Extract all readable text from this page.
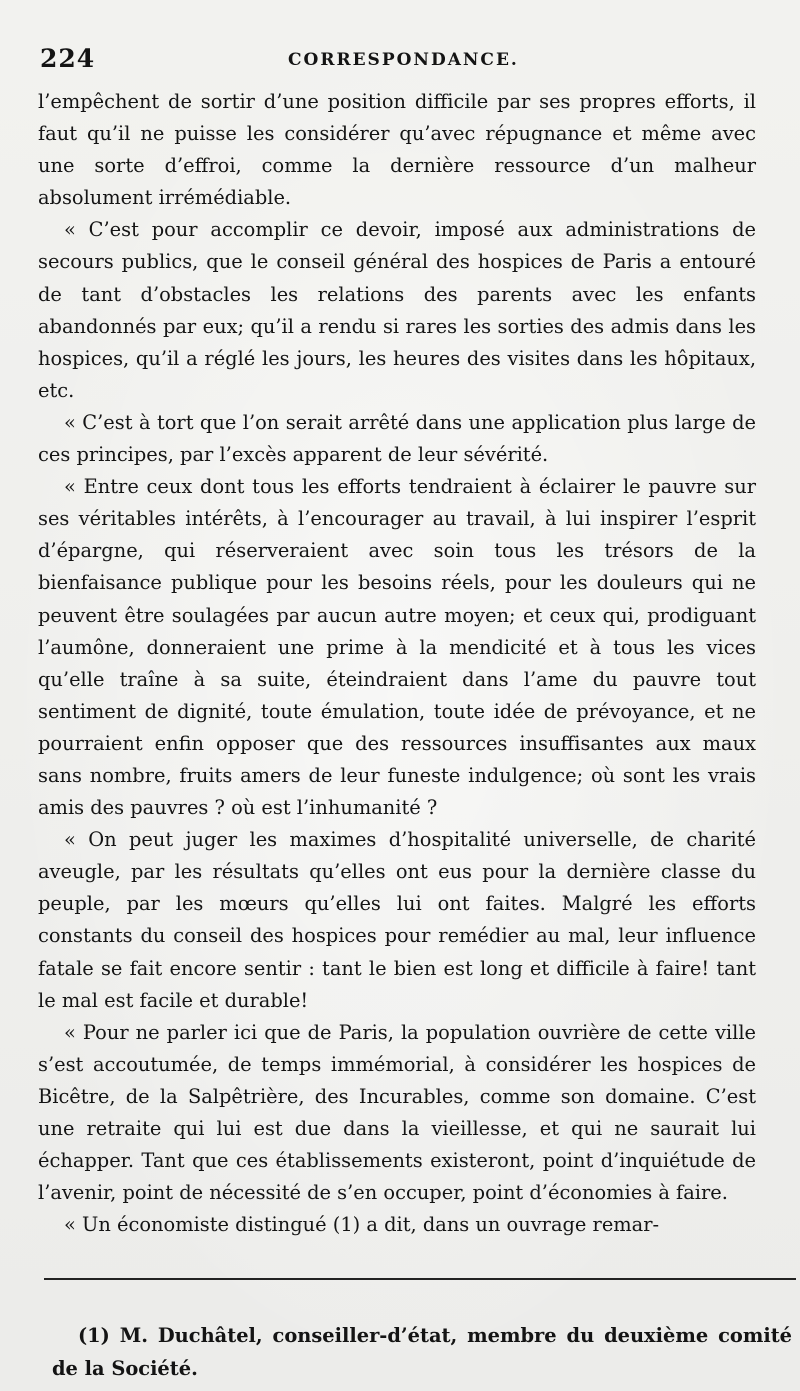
224	CORRESPONDANCE.

l’empêchent de sortir d’une position difficile par ses propres efforts, il faut qu’il ne puisse les considérer qu’avec répugnance et même avec une sorte d’effroi, comme la dernière ressource d’un malheur absolument irrémédiable.

« C’est pour accomplir ce devoir, imposé aux administrations de secours publics, que le conseil général des hospices de Paris a entouré de tant d’obstacles les relations des parents avec les enfants abandonnés par eux; qu’il a rendu si rares les sorties des admis dans les hospices, qu’il a réglé les jours, les heures des visites dans les hôpitaux, etc.

« C’est à tort que l’on serait arrêté dans une application plus large de ces principes, par l’excès apparent de leur sévérité.

« Entre ceux dont tous les efforts tendraient à éclairer le pauvre sur ses véritables intérêts, à l’encourager au travail, à lui inspirer l’esprit d’épargne, qui réserveraient avec soin tous les trésors de la bienfaisance publique pour les besoins réels, pour les douleurs qui ne peuvent être soulagées par aucun autre moyen; et ceux qui, prodiguant l’aumône, donneraient une prime à la mendicité et à tous les vices qu’elle traîne à sa suite, éteindraient dans l’ame du pauvre tout sentiment de dignité, toute émulation, toute idée de prévoyance, et ne pourraient enfin opposer que des ressources insuffisantes aux maux sans nombre, fruits amers de leur funeste indulgence; où sont les vrais amis des pauvres ? où est l’inhumanité ?

« On peut juger les maximes d’hospitalité universelle, de charité aveugle, par les résultats qu’elles ont eus pour la dernière classe du peuple, par les mœurs qu’elles lui ont faites. Malgré les efforts constants du conseil des hospices pour remédier au mal, leur influence fatale se fait encore sentir : tant le bien est long et difficile à faire! tant le mal est facile et durable!

« Pour ne parler ici que de Paris, la population ouvrière de cette ville s’est accoutumée, de temps immémorial, à considérer les hospices de Bicêtre, de la Salpêtrière, des Incurables, comme son domaine. C’est une retraite qui lui est due dans la vieillesse, et qui ne saurait lui échapper. Tant que ces établissements existeront, point d’inquiétude de l’avenir, point de nécessité de s’en occuper, point d’économies à faire.

« Un économiste distingué (1) a dit, dans un ouvrage remar-

(1) M. Duchâtel, conseiller-d’état, membre du deuxième comité de la Société.
